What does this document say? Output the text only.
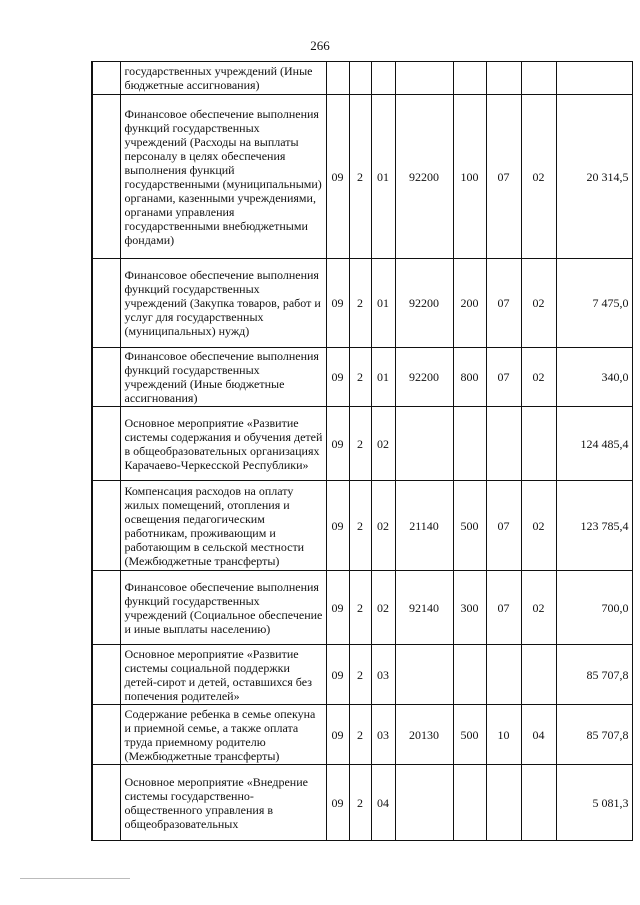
266
	государственных учреждений (Иные бюджетные ассигнования)								
	Финансовое обеспечение выполнения функций государственных учреждений (Расходы на выплаты персоналу в целях обеспечения выполнения функций государственными (муниципальными) органами, казенными учреждениями, органами управления государственными внебюджетными фондами)	09	2	01	92200	100	07	02	20 314,5
	Финансовое обеспечение выполнения функций государственных учреждений (Закупка товаров, работ и услуг для государственных (муниципальных) нужд)	09	2	01	92200	200	07	02	7 475,0
	Финансовое обеспечение выполнения функций государственных учреждений (Иные бюджетные ассигнования)	09	2	01	92200	800	07	02	340,0
	Основное мероприятие «Развитие системы содержания и обучения детей в общеобразовательных организациях Карачаево-Черкесской Республики»	09	2	02					124 485,4
	Компенсация расходов на оплату жилых помещений, отопления и освещения педагогическим работникам, проживающим и работающим в сельской местности (Межбюджетные трансферты)	09	2	02	21140	500	07	02	123 785,4
	Финансовое обеспечение выполнения функций государственных учреждений (Социальное обеспечение и иные выплаты населению)	09	2	02	92140	300	07	02	700,0
	Основное мероприятие «Развитие системы социальной поддержки детей-сирот и детей, оставшихся без попечения родителей»	09	2	03					85 707,8
	Содержание ребенка в семье опекуна и приемной семье, а также оплата труда приемному родителю (Межбюджетные трансферты)	09	2	03	20130	500	10	04	85 707,8
	Основное мероприятие «Внедрение системы государственно-общественного управления в общеобразовательных	09	2	04					5 081,3
